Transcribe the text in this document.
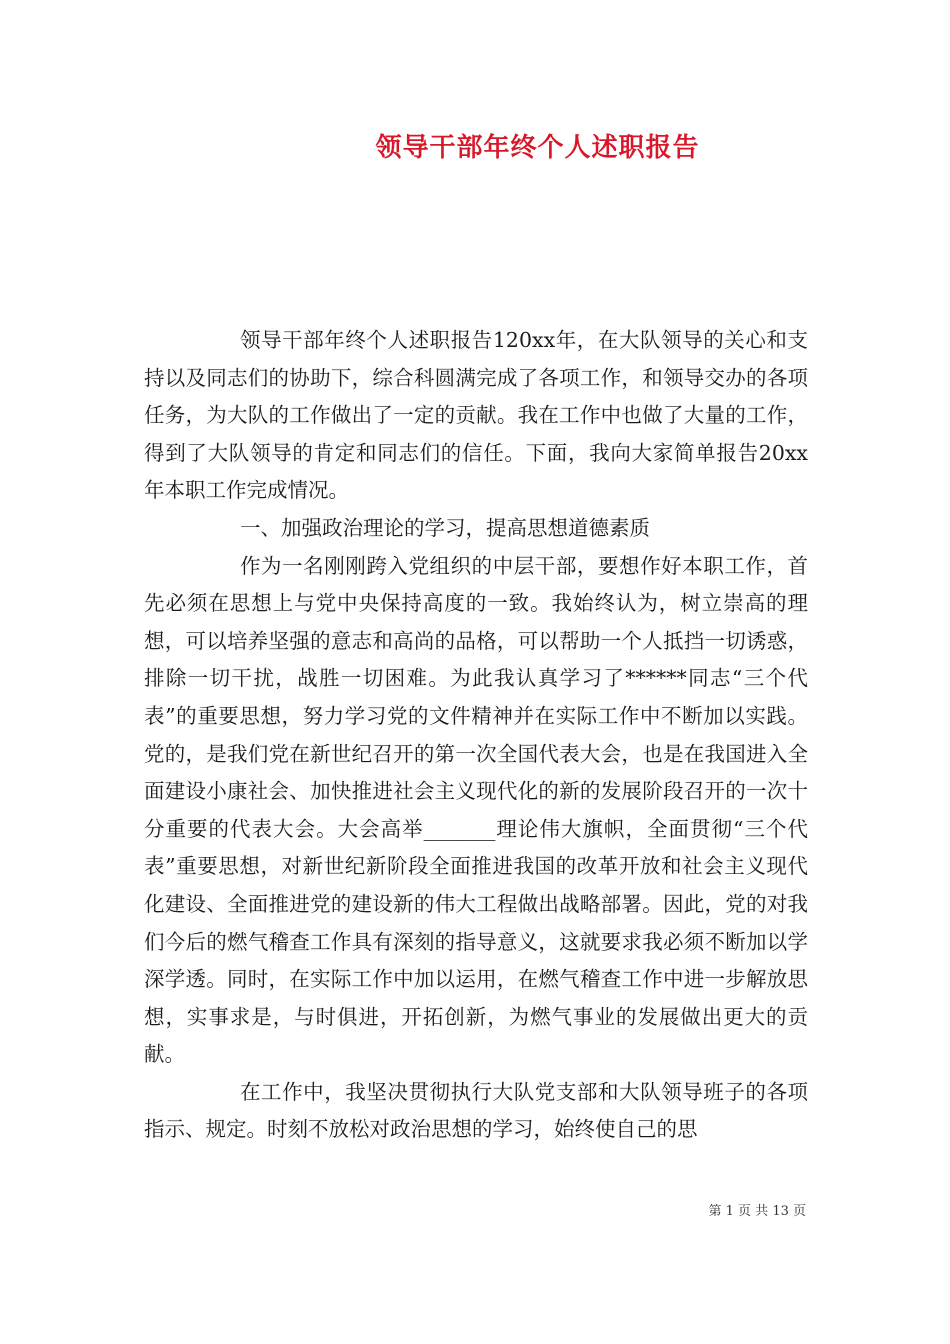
领导干部年终个人述职报告

领导干部年终个人述职报告120xx年，在大队领导的关心和支持以及同志们的协助下，综合科圆满完成了各项工作，和领导交办的各项任务，为大队的工作做出了一定的贡献。我在工作中也做了大量的工作，得到了大队领导的肯定和同志们的信任。下面，我向大家简单报告20xx年本职工作完成情况。

一、加强政治理论的学习，提高思想道德素质

作为一名刚刚跨入党组织的中层干部，要想作好本职工作，首先必须在思想上与党中央保持高度的一致。我始终认为，树立崇高的理想，可以培养坚强的意志和高尚的品格，可以帮助一个人抵挡一切诱惑，排除一切干扰，战胜一切困难。为此我认真学习了******同志“三个代表”的重要思想，努力学习党的文件精神并在实际工作中不断加以实践。党的，是我们党在新世纪召开的第一次全国代表大会，也是在我国进入全面建设小康社会、加快推进社会主义现代化的新的发展阶段召开的一次十分重要的代表大会。大会高举_______理论伟大旗帜，全面贯彻“三个代表”重要思想，对新世纪新阶段全面推进我国的改革开放和社会主义现代化建设、全面推进党的建设新的伟大工程做出战略部署。因此，党的对我们今后的燃气稽查工作具有深刻的指导意义，这就要求我必须不断加以学深学透。同时，在实际工作中加以运用，在燃气稽查工作中进一步解放思想，实事求是，与时俱进，开拓创新，为燃气事业的发展做出更大的贡献。

在工作中，我坚决贯彻执行大队党支部和大队领导班子的各项指示、规定。时刻不放松对政治思想的学习，始终使自己的思

第 1 页 共 13 页
